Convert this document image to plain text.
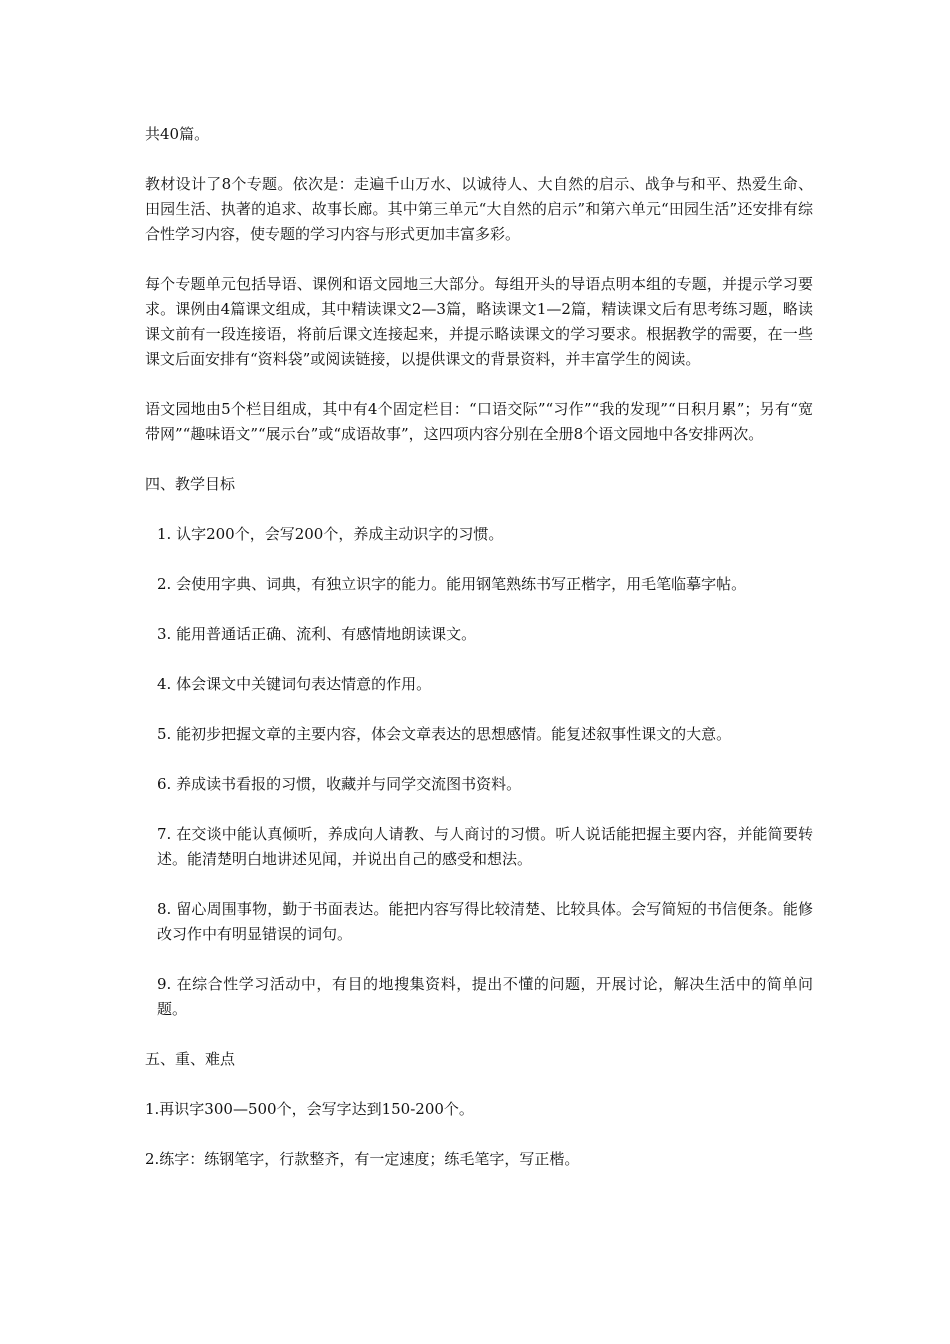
共40篇。

教材设计了8个专题。依次是：走遍千山万水、以诚待人、大自然的启示、战争与和平、热爱生命、田园生活、执著的追求、故事长廊。其中第三单元“大自然的启示”和第六单元“田园生活”还安排有综合性学习内容，使专题的学习内容与形式更加丰富多彩。

每个专题单元包括导语、课例和语文园地三大部分。每组开头的导语点明本组的专题，并提示学习要求。课例由4篇课文组成，其中精读课文2—3篇，略读课文1—2篇，精读课文后有思考练习题，略读课文前有一段连接语，将前后课文连接起来，并提示略读课文的学习要求。根据教学的需要，在一些课文后面安排有“资料袋”或阅读链接，以提供课文的背景资料，并丰富学生的阅读。

语文园地由5个栏目组成，其中有4个固定栏目：“口语交际”“习作”“我的发现”“日积月累”；另有“宽带网”“趣味语文”“展示台”或“成语故事”，这四项内容分别在全册8个语文园地中各安排两次。

四、教学目标

1. 认字200个，会写200个，养成主动识字的习惯。

2. 会使用字典、词典，有独立识字的能力。能用钢笔熟练书写正楷字，用毛笔临摹字帖。

3. 能用普通话正确、流利、有感情地朗读课文。

4. 体会课文中关键词句表达情意的作用。

5. 能初步把握文章的主要内容，体会文章表达的思想感情。能复述叙事性课文的大意。

6. 养成读书看报的习惯，收藏并与同学交流图书资料。

7. 在交谈中能认真倾听，养成向人请教、与人商讨的习惯。听人说话能把握主要内容，并能简要转述。能清楚明白地讲述见闻，并说出自己的感受和想法。

8. 留心周围事物，勤于书面表达。能把内容写得比较清楚、比较具体。会写简短的书信便条。能修改习作中有明显错误的词句。

9. 在综合性学习活动中，有目的地搜集资料，提出不懂的问题，开展讨论，解决生活中的简单问题。

五、重、难点

1.再识字300—500个，会写字达到150-200个。

2.练字：练钢笔字，行款整齐，有一定速度；练毛笔字，写正楷。
